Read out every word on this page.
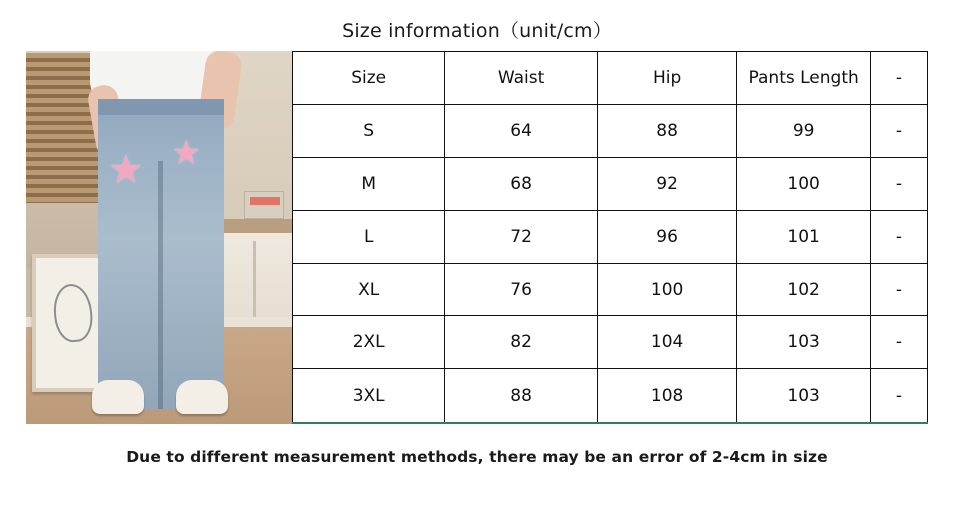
Size information（unit/cm）
★ ★
Size	Waist	Hip	Pants Length	-
S	64	88	99	-
M	68	92	100	-
L	72	96	101	-
XL	76	100	102	-
2XL	82	104	103	-
3XL	88	108	103	-
Due to different measurement methods, there may be an error of 2-4cm in size
